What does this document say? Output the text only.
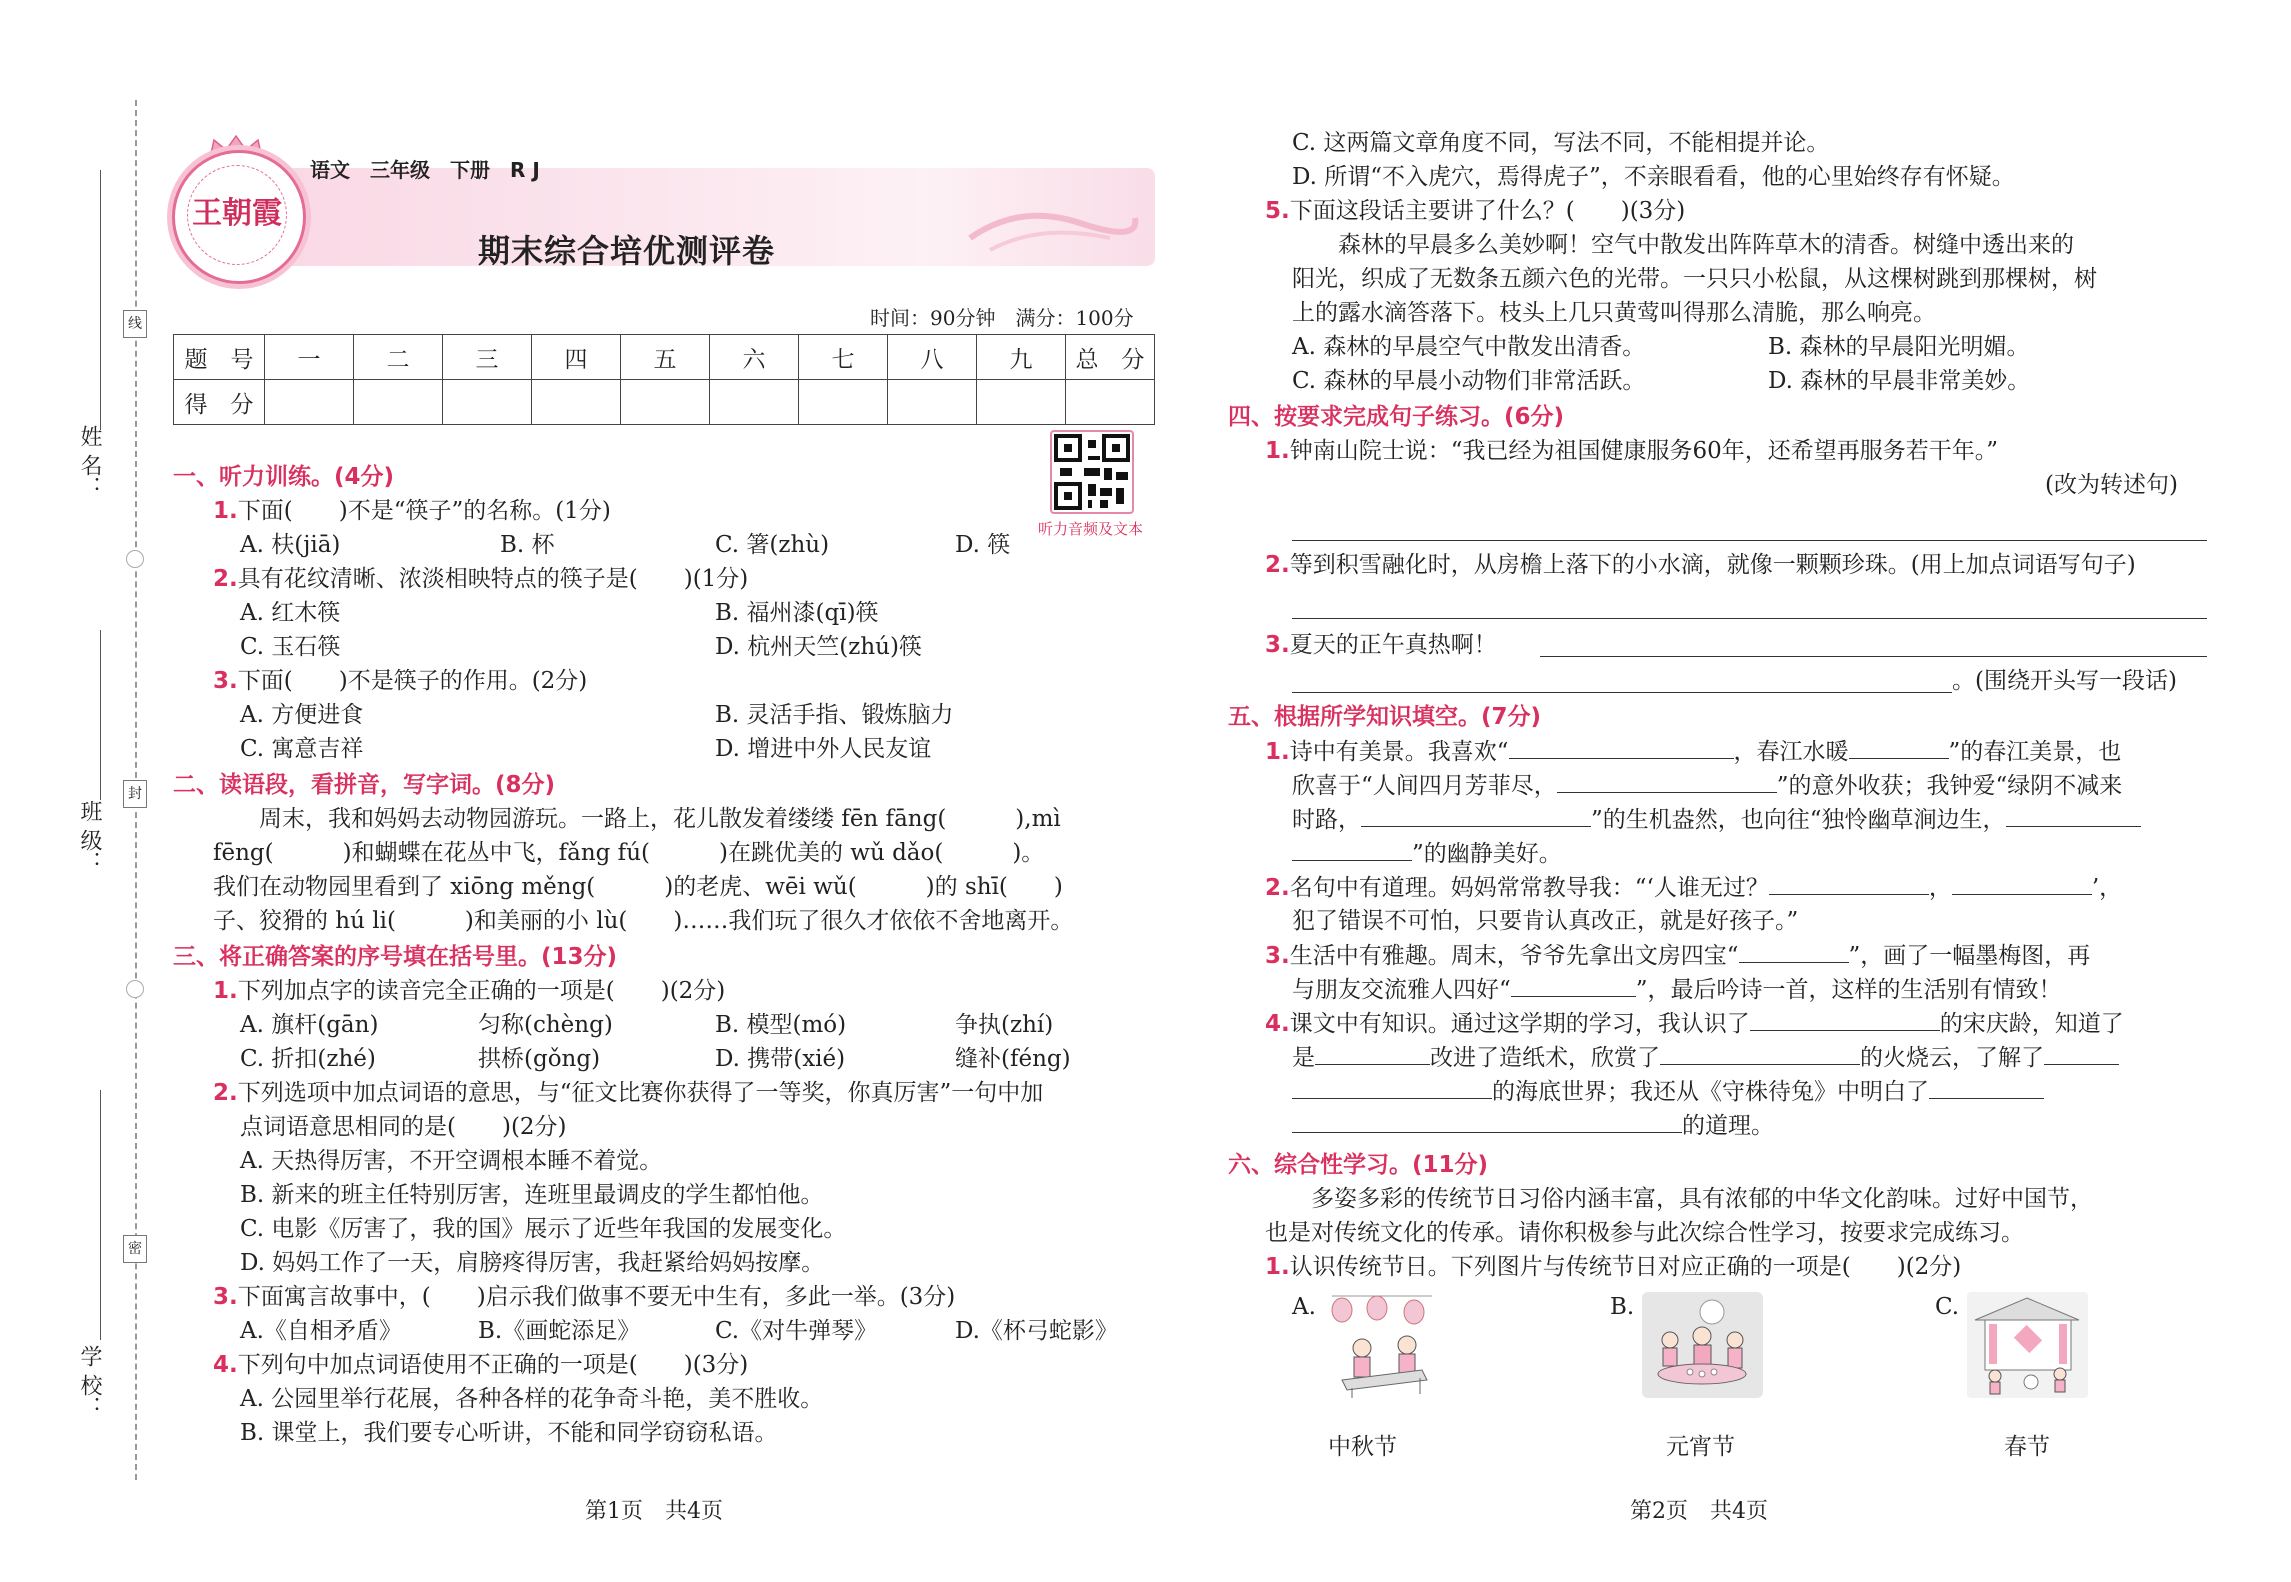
姓 名：
班 级：
学 校：
线
封
密
王朝霞
语文　三年级　下册　R J
期末综合培优测评卷
时间：90分钟　满分：100分
题　号	一	二	三	四	五	六	七	八	九	总　分
得　分										
听力音频及文本
一、听力训练。(4分)
1.下面(　　)不是“筷子”的名称。(1分)
A. 枎(jiā)	B. 杯	C. 箸(zhù)	D. 筷
2.具有花纹清晰、浓淡相映特点的筷子是(　　)(1分)
A. 红木筷	B. 福州漆(qī)筷
C. 玉石筷	D. 杭州天竺(zhú)筷
3.下面(　　)不是筷子的作用。(2分)
A. 方便进食	B. 灵活手指、锻炼脑力
C. 寓意吉祥	D. 增进中外人民友谊
二、读语段，看拼音，写字词。(8分)
　　周末，我和妈妈去动物园游玩。一路上，花儿散发着缕缕 fēn fāng(　　　),mì
fēng(　　　)和蝴蝶在花丛中飞，fǎng fú(　　　)在跳优美的 wǔ dǎo(　　　)。
我们在动物园里看到了 xiōng měng(　　　)的老虎、wēi wǔ(　　　)的 shī(　　)
子、狡猾的 hú li(　　　)和美丽的小 lù(　　)……我们玩了很久才依依不舍地离开。
三、将正确答案的序号填在括号里。(13分)
1.下列加点字的读音完全正确的一项是(　　)(2分)
A. 旗杆(gān)	匀称(chèng)	B. 模型(mó)	争执(zhí)
C. 折扣(zhé)	拱桥(gǒng)	D. 携带(xié)	缝补(féng)
2.下列选项中加点词语的意思，与“征文比赛你获得了一等奖，你真厉害”一句中加
点词语意思相同的是(　　)(2分)
A. 天热得厉害，不开空调根本睡不着觉。
B. 新来的班主任特别厉害，连班里最调皮的学生都怕他。
C. 电影《厉害了，我的国》展示了近些年我国的发展变化。
D. 妈妈工作了一天，肩膀疼得厉害，我赶紧给妈妈按摩。
3.下面寓言故事中，(　　)启示我们做事不要无中生有，多此一举。(3分)
A.《自相矛盾》	B.《画蛇添足》	C.《对牛弹琴》	D.《杯弓蛇影》
4.下列句中加点词语使用不正确的一项是(　　)(3分)
A. 公园里举行花展，各种各样的花争奇斗艳，美不胜收。
B. 课堂上，我们要专心听讲，不能和同学窃窃私语。
第1页　共4页
C. 这两篇文章角度不同，写法不同，不能相提并论。
D. 所谓“不入虎穴，焉得虎子”，不亲眼看看，他的心里始终存有怀疑。
5.下面这段话主要讲了什么？(　　)(3分)
　　森林的早晨多么美妙啊！空气中散发出阵阵草木的清香。树缝中透出来的
阳光，织成了无数条五颜六色的光带。一只只小松鼠，从这棵树跳到那棵树，树
上的露水滴答落下。枝头上几只黄莺叫得那么清脆，那么响亮。
A. 森林的早晨空气中散发出清香。	B. 森林的早晨阳光明媚。
C. 森林的早晨小动物们非常活跃。	D. 森林的早晨非常美妙。
四、按要求完成句子练习。(6分)
1.钟南山院士说：“我已经为祖国健康服务60年，还希望再服务若干年。”
(改为转述句)
2.等到积雪融化时，从房檐上落下的小水滴，就像一颗颗珍珠。(用上加点词语写句子)
3.夏天的正午真热啊！
。(围绕开头写一段话)
五、根据所学知识填空。(7分)
1.诗中有美景。我喜欢“	，春江水暖	”的春江美景，也
欣喜于“人间四月芳菲尽，	”的意外收获；我钟爱“绿阴不减来
时路，	”的生机盎然，也向往“独怜幽草涧边生，
”的幽静美好。
2.名句中有道理。妈妈常常教导我：“‘人谁无过？	，	’，
犯了错误不可怕，只要肯认真改正，就是好孩子。”
3.生活中有雅趣。周末，爷爷先拿出文房四宝“	”，画了一幅墨梅图，再
与朋友交流雅人四好“	”，最后吟诗一首，这样的生活别有情致！
4.课文中有知识。通过这学期的学习，我认识了	的宋庆龄，知道了
是	改进了造纸术，欣赏了	的火烧云，了解了
的海底世界；我还从《守株待兔》中明白了
的道理。
六、综合性学习。(11分)
　　多姿多彩的传统节日习俗内涵丰富，具有浓郁的中华文化韵味。过好中国节，
也是对传统文化的传承。请你积极参与此次综合性学习，按要求完成练习。
1.认识传统节日。下列图片与传统节日对应正确的一项是(　　)(2分)
A.	B.	C.
中秋节	元宵节	春节
第2页　共4页
